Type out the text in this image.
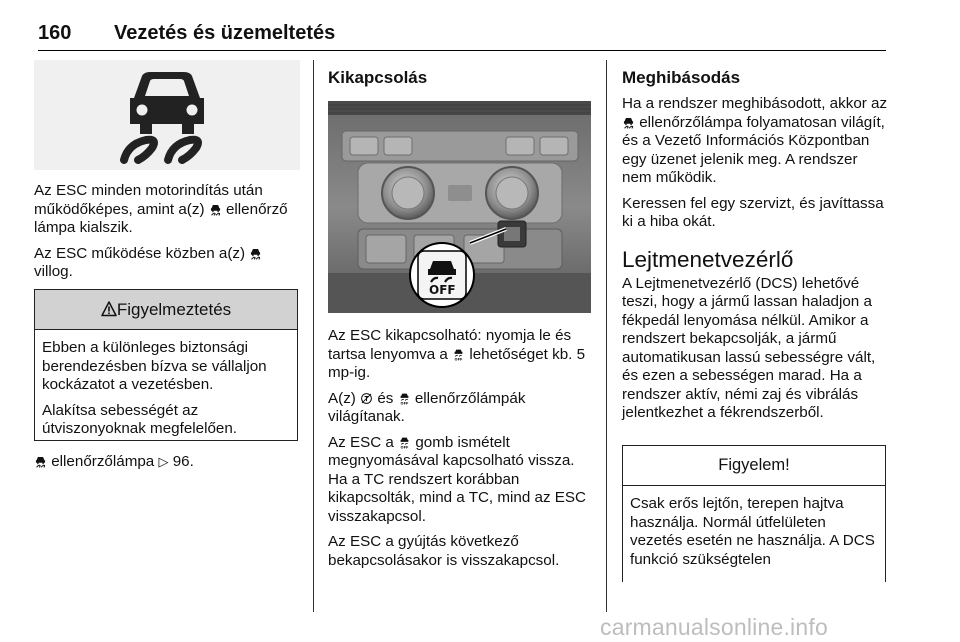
160 Vezetés és üzemeltetés

Az ESC minden motorindítás után működőképes, amint a(z) ellenőrző lámpa kialszik.

Az ESC működése közben a(z)  villog.

Figyelmeztetés

Ebben a különleges biztonsági berendezésben bízva se vállaljon kockázatot a vezetésben.

Alakítsa sebességét az útviszonyoknak megfelelően.

ellenőrzőlámpa ▷ 96.

Kikapcsolás
OFF

Az ESC kikapcsolható: nyomja le és tartsa lenyomva a lehetőséget kb. 5 mp-ig.

A(z) és ellenőrzőlámpák világítanak.

Az ESC a gomb ismételt megnyomásával kapcsolható vissza. Ha a TC rendszert korábban kikapcsolták, mind a TC, mind az ESC visszakapcsol.

Az ESC a gyújtás következő bekapcsolásakor is visszakapcsol.

Meghibásodás

Ha a rendszer meghibásodott, akkor az  ellenőrzőlámpa folyamatosan világít, és a Vezető Információs Központban egy üzenet jelenik meg. A rendszer nem működik.

Keressen fel egy szervizt, és javíttassa ki a hiba okát.

Lejtmenetvezérlő

A Lejtmenetvezérlő (DCS) lehetővé teszi, hogy a jármű lassan haladjon a fékpedál lenyomása nélkül. Amikor a rendszert bekapcsolják, a jármű automatikusan lassú sebességre vált, és ezen a sebességen marad. Ha a rendszer aktív, némi zaj és vibrálás jelentkezhet a fékrendszerből.

Figyelem!

Csak erős lejtőn, terepen hajtva használja. Normál útfelületen vezetés esetén ne használja. A DCS funkció szükségtelen

carmanualsonline.info
